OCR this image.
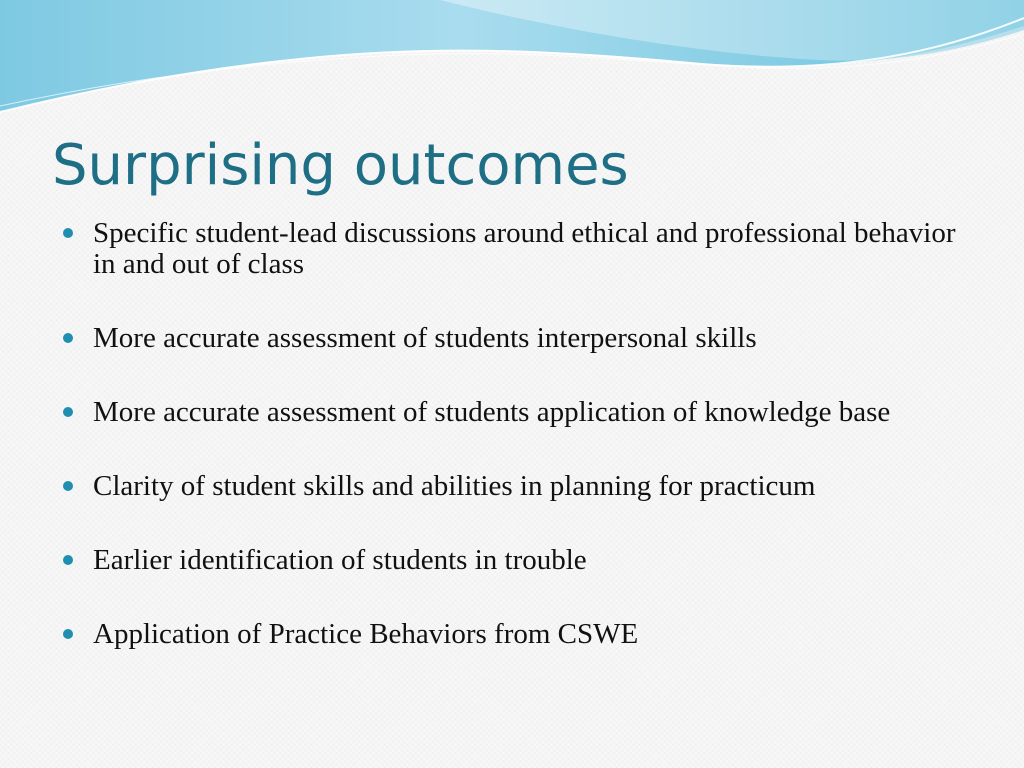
Surprising outcomes
Specific student-lead discussions around ethical and professional behavior in and out of class
More accurate assessment of students interpersonal skills
More accurate assessment of students application of knowledge base
Clarity of student skills and abilities in planning for practicum
Earlier identification of students in trouble
Application of Practice Behaviors from CSWE
